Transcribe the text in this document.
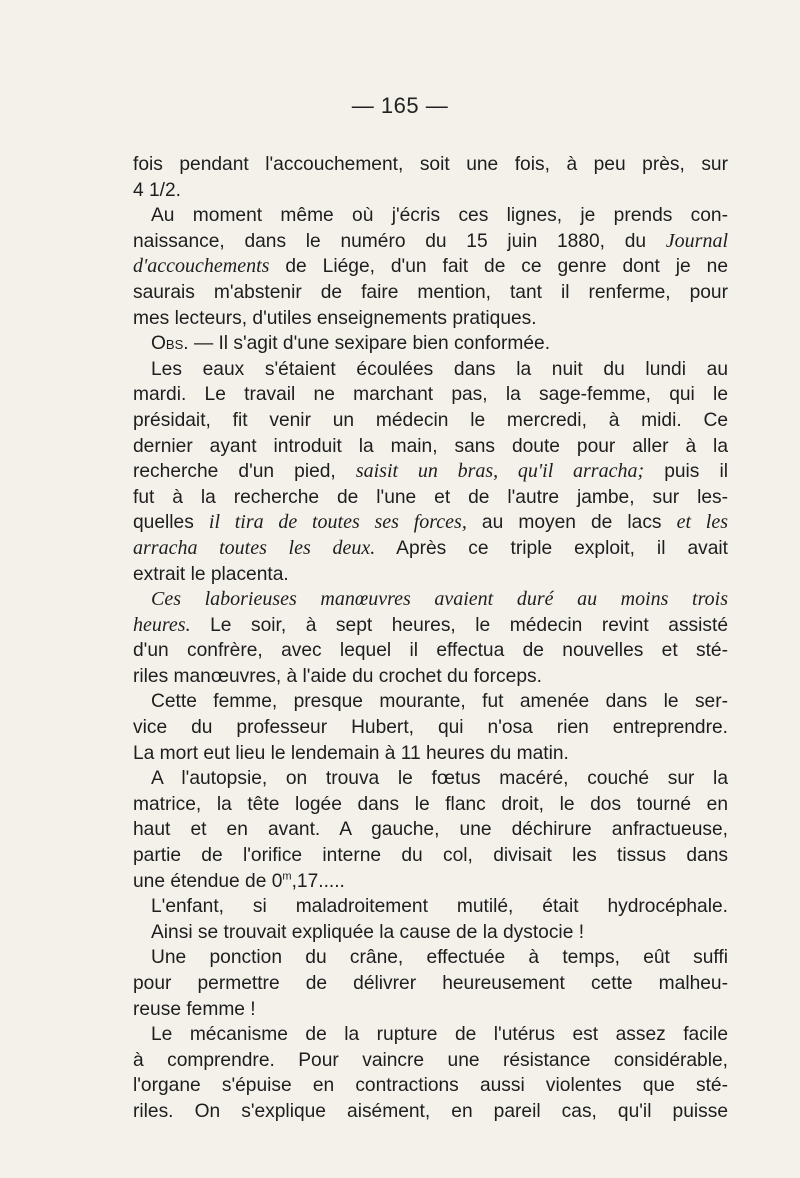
— 165 —
fois pendant l'accouchement, soit une fois, à peu près, sur
4 1/2.
Au moment même où j'écris ces lignes, je prends con-
naissance, dans le numéro du 15 juin 1880, du Journal
d'accouchements de Liége, d'un fait de ce genre dont je ne
saurais m'abstenir de faire mention, tant il renferme, pour
mes lecteurs, d'utiles enseignements pratiques.
Obs. — Il s'agit d'une sexipare bien conformée.
Les eaux s'étaient écoulées dans la nuit du lundi au
mardi. Le travail ne marchant pas, la sage-femme, qui le
présidait, fit venir un médecin le mercredi, à midi. Ce
dernier ayant introduit la main, sans doute pour aller à la
recherche d'un pied, saisit un bras, qu'il arracha; puis il
fut à la recherche de l'une et de l'autre jambe, sur les-
quelles il tira de toutes ses forces, au moyen de lacs et les
arracha toutes les deux. Après ce triple exploit, il avait
extrait le placenta.
Ces laborieuses manœuvres avaient duré au moins trois
heures. Le soir, à sept heures, le médecin revint assisté
d'un confrère, avec lequel il effectua de nouvelles et sté-
riles manœuvres, à l'aide du crochet du forceps.
Cette femme, presque mourante, fut amenée dans le ser-
vice du professeur Hubert, qui n'osa rien entreprendre.
La mort eut lieu le lendemain à 11 heures du matin.
A l'autopsie, on trouva le fœtus macéré, couché sur la
matrice, la tête logée dans le flanc droit, le dos tourné en
haut et en avant. A gauche, une déchirure anfractueuse,
partie de l'orifice interne du col, divisait les tissus dans
une étendue de 0$^m$,17.....
L'enfant, si maladroitement mutilé, était hydrocéphale.
Ainsi se trouvait expliquée la cause de la dystocie !
Une ponction du crâne, effectuée à temps, eût suffi
pour permettre de délivrer heureusement cette malheu-
reuse femme !
Le mécanisme de la rupture de l'utérus est assez facile
à comprendre. Pour vaincre une résistance considérable,
l'organe s'épuise en contractions aussi violentes que sté-
riles. On s'explique aisément, en pareil cas, qu'il puisse
